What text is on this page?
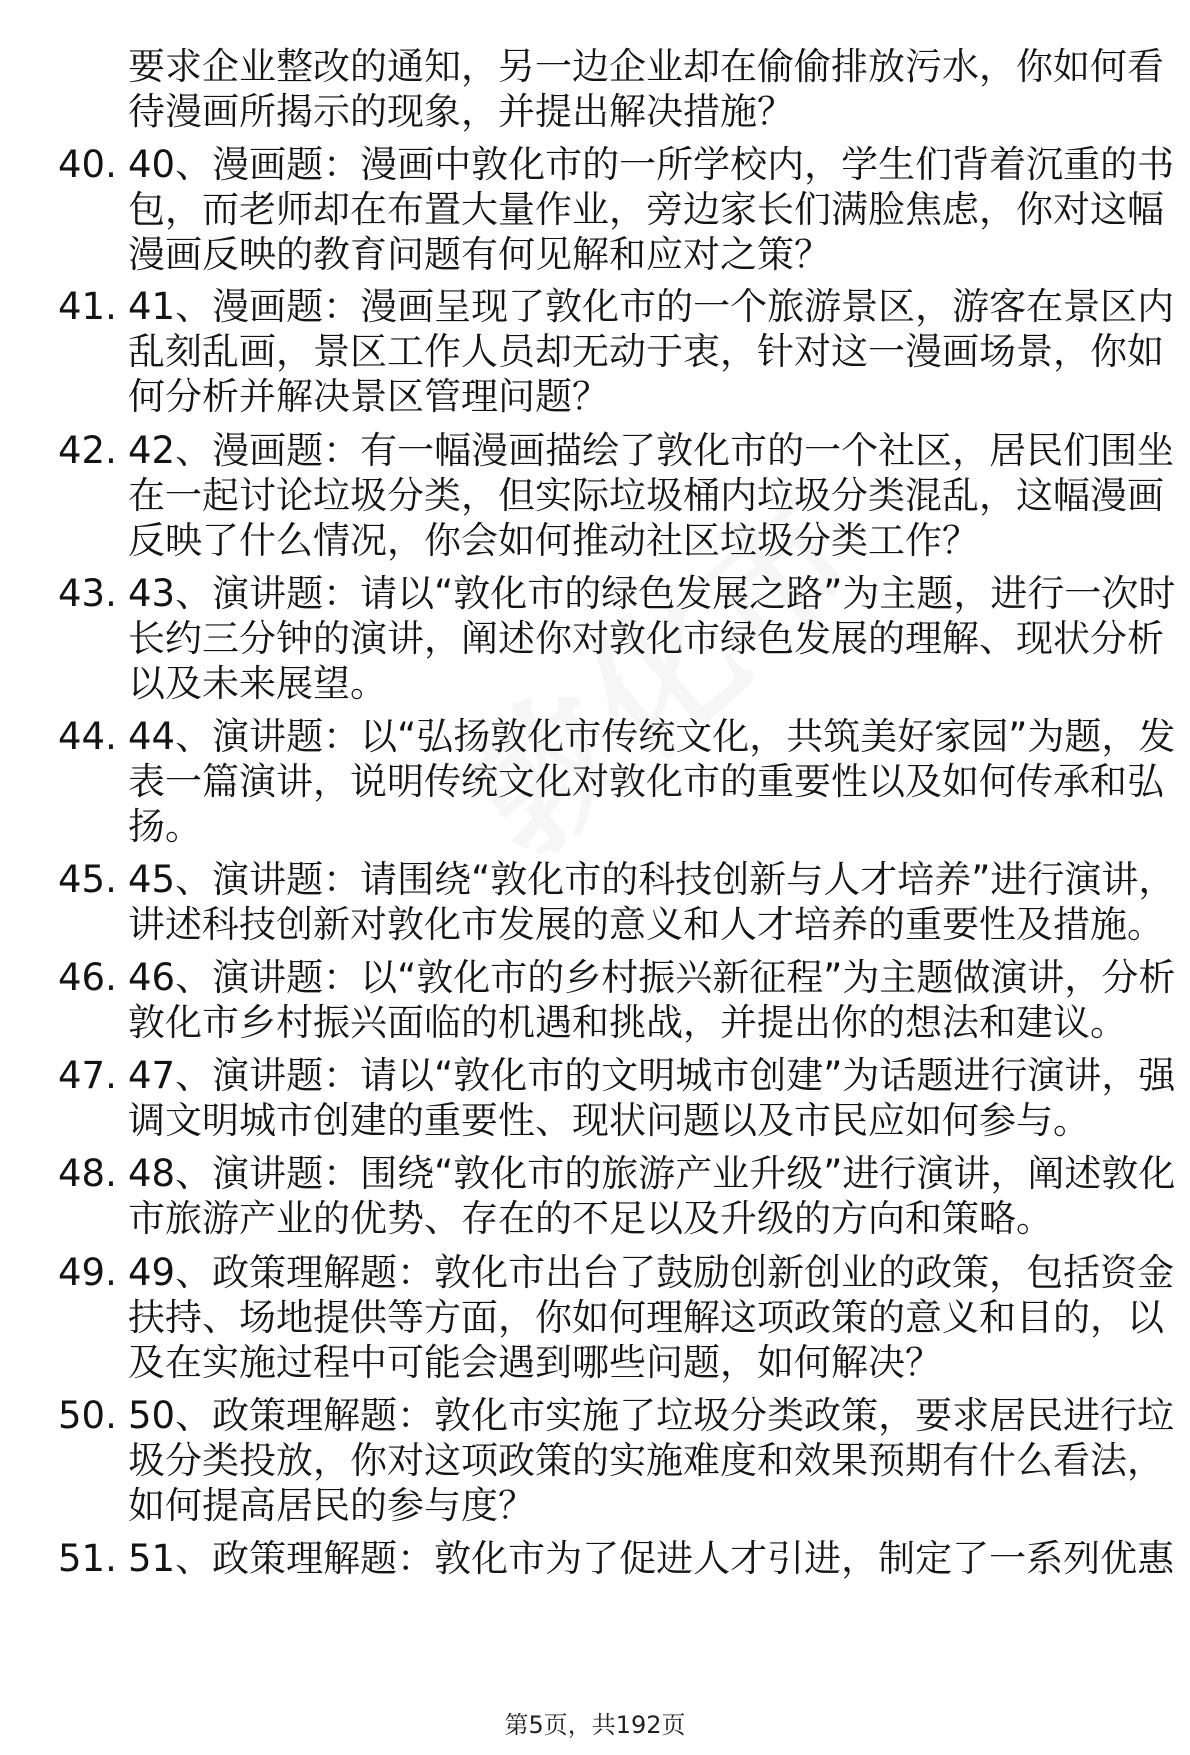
要求企业整改的通知，另一边企业却在偷偷排放污水，你如何看
待漫画所揭示的现象，并提出解决措施？
40. 40、漫画题：漫画中敦化市的一所学校内，学生们背着沉重的书
包，而老师却在布置大量作业，旁边家长们满脸焦虑，你对这幅
漫画反映的教育问题有何见解和应对之策？
41. 41、漫画题：漫画呈现了敦化市的一个旅游景区，游客在景区内
乱刻乱画，景区工作人员却无动于衷，针对这一漫画场景，你如
何分析并解决景区管理问题？
42. 42、漫画题：有一幅漫画描绘了敦化市的一个社区，居民们围坐
在一起讨论垃圾分类，但实际垃圾桶内垃圾分类混乱，这幅漫画
反映了什么情况，你会如何推动社区垃圾分类工作？
43. 43、演讲题：请以“敦化市的绿色发展之路”为主题，进行一次时
长约三分钟的演讲，阐述你对敦化市绿色发展的理解、现状分析
以及未来展望。
44. 44、演讲题：以“弘扬敦化市传统文化，共筑美好家园”为题，发
表一篇演讲，说明传统文化对敦化市的重要性以及如何传承和弘
扬。
45. 45、演讲题：请围绕“敦化市的科技创新与人才培养”进行演讲，
讲述科技创新对敦化市发展的意义和人才培养的重要性及措施。
46. 46、演讲题：以“敦化市的乡村振兴新征程”为主题做演讲，分析
敦化市乡村振兴面临的机遇和挑战，并提出你的想法和建议。
47. 47、演讲题：请以“敦化市的文明城市创建”为话题进行演讲，强
调文明城市创建的重要性、现状问题以及市民应如何参与。
48. 48、演讲题：围绕“敦化市的旅游产业升级”进行演讲，阐述敦化
市旅游产业的优势、存在的不足以及升级的方向和策略。
49. 49、政策理解题：敦化市出台了鼓励创新创业的政策，包括资金
扶持、场地提供等方面，你如何理解这项政策的意义和目的，以
及在实施过程中可能会遇到哪些问题，如何解决？
50. 50、政策理解题：敦化市实施了垃圾分类政策，要求居民进行垃
圾分类投放，你对这项政策的实施难度和效果预期有什么看法，
如何提高居民的参与度？
51. 51、政策理解题：敦化市为了促进人才引进，制定了一系列优惠
第5页，共192页
